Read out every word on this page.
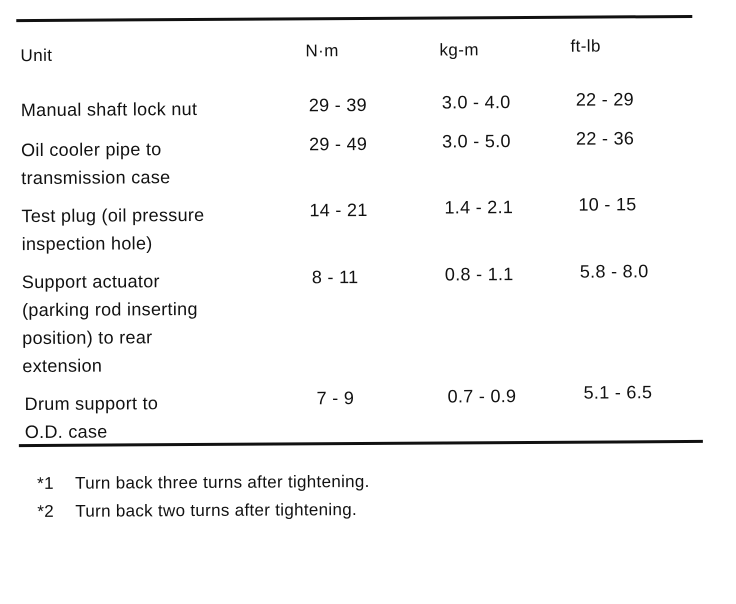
Unit	N·m	kg-m	ft-lb
Manual shaft lock nut	29 - 39	3.0 - 4.0	22 - 29
Oil cooler pipe to
transmission case
29 - 49	3.0 - 5.0	22 - 36
Test plug (oil pressure
inspection hole)
14 - 21	1.4 - 2.1	10 - 15
Support actuator
(parking rod inserting
position) to rear
extension
8 - 11	0.8 - 1.1	5.8 - 8.0
Drum support to
O.D. case
7 - 9	0.7 - 0.9	5.1 - 6.5
*1 Turn back three turns after tightening.
*2 Turn back two turns after tightening.
